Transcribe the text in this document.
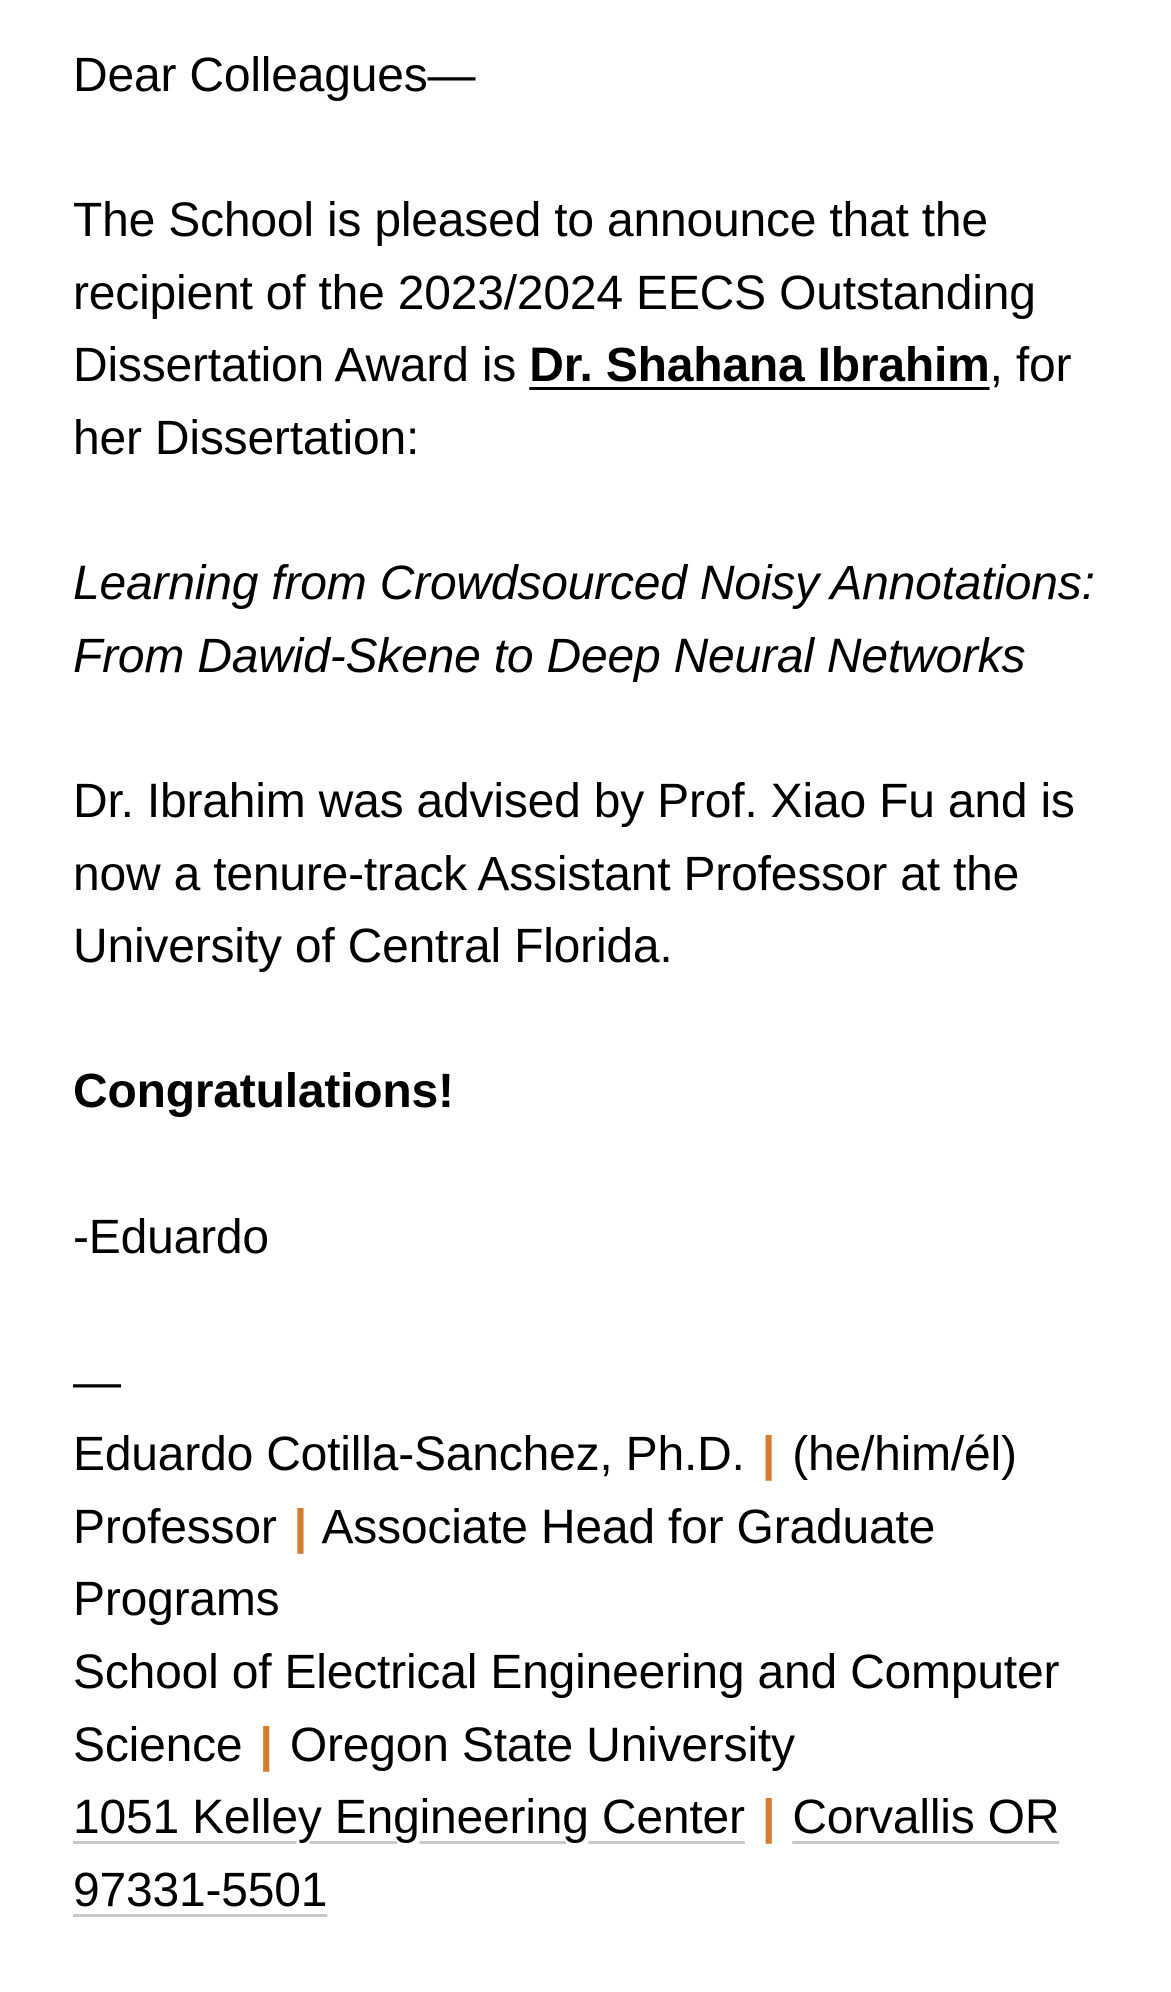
Dear Colleagues—

The School is pleased to announce that the recipient of the 2023/2024 EECS Outstanding Dissertation Award is Dr. Shahana Ibrahim, for her Dissertation:

Learning from Crowdsourced Noisy Annotations: From Dawid-Skene to Deep Neural Networks

Dr. Ibrahim was advised by Prof. Xiao Fu and is now a tenure-track Assistant Professor at the University of Central Florida.

Congratulations!

-Eduardo

—

Eduardo Cotilla-Sanchez, Ph.D. | (he/him/él)

Professor | Associate Head for Graduate Programs

School of Electrical Engineering and Computer Science | Oregon State University

1051 Kelley Engineering Center | Corvallis OR 97331-5501
